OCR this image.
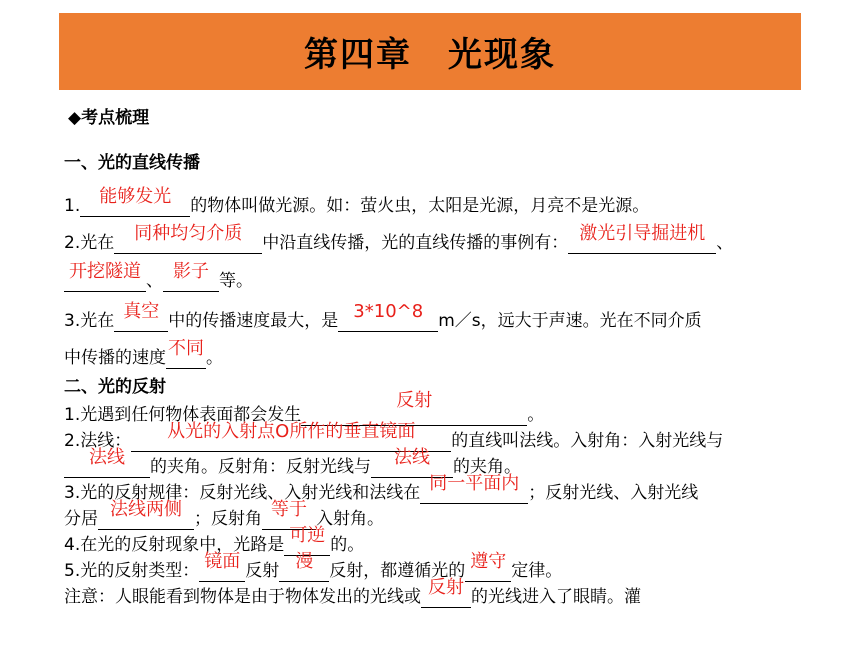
第四章　光现象
◆考点梳理
一、光的直线传播
1. 能够发光 的物体叫做光源。如：萤火虫，太阳是光源，月亮不是光源。
2.光在 同种均匀介质 中沿直线传播，光的直线传播的事例有： 激光引导掘进机 、
开挖隧道 、 影子 等。
3.光在 真空 中的传播速度最大，是 3*10^8 m／s，远大于声速。光在不同介质
中传播的速度 不同 。
二、光的反射
1.光遇到任何物体表面都会发生
反射
。
2.法线： 从光的入射点O所作的垂直镜面 的直线叫法线。入射角：入射光线与
法线 的夹角。反射角：反射光线与 法线 的夹角。
3.光的反射规律：反射光线、入射光线和法线在 同一平面内 ；反射光线、入射光线
分居 法线两侧 ；反射角 等于 入射角。
4.在光的反射现象中，光路是 可逆 的。
5.光的反射类型： 镜面 反射 漫 反射，都遵循光的 遵守 定律。
注意：人眼能看到物体是由于物体发出的光线或 反射 的光线进入了眼睛。灌
